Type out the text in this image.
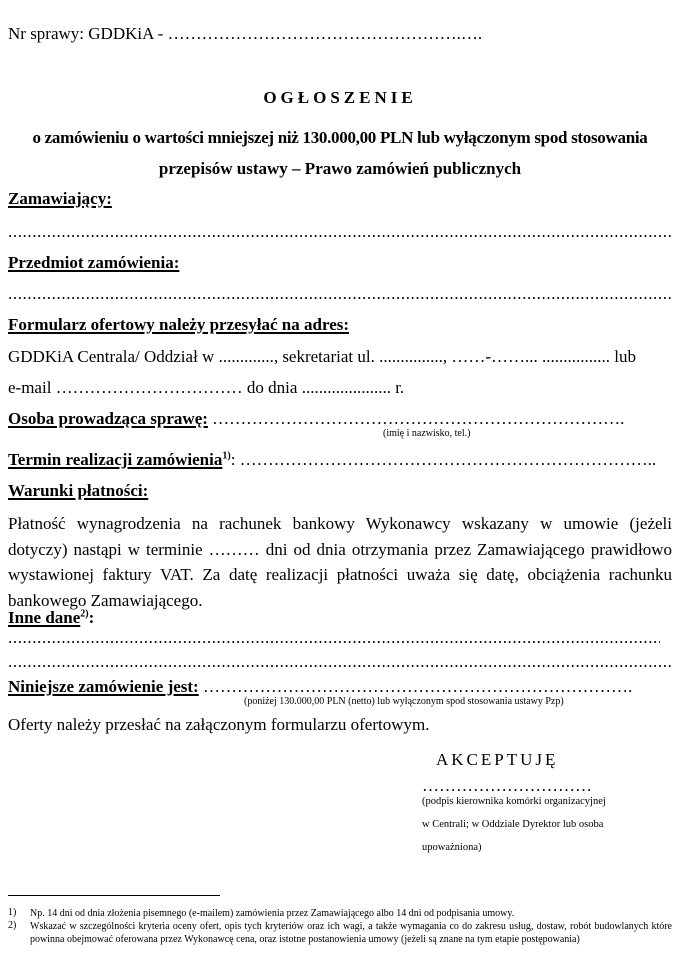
Nr sprawy: GDDKiA - …………………………………………….….
OGŁOSZENIE
o zamówieniu o wartości mniejszej niż 130.000,00 PLN lub wyłączonym spod stosowania
przepisów ustawy – Prawo zamówień publicznych
Zamawiający:
.....
Przedmiot zamówienia:
.....
Formularz ofertowy należy przesyłać na adres:
GDDKiA Centrala/ Oddział w ............., sekretariat ul. ..............., ……-……... ................ lub
e-mail …………………………… do dnia ..................... r.
Osoba prowadząca sprawę: ……………………………………………………………….
(imię i nazwisko, tel.)
Termin realizacji zamówienia$^{1)}$: ………………………………………………………………..
Warunki płatności:
Płatność wynagrodzenia na rachunek bankowy Wykonawcy wskazany w umowie (jeżeli dotyczy) nastąpi w terminie ……… dni od dnia otrzymania przez Zamawiającego prawidłowo wystawionej faktury VAT. Za datę realizacji płatności uważa się datę, obciążenia rachunku bankowego Zamawiającego.
Inne dane$^{2)}$:
.....
.....
Niniejsze zamówienie jest: ………………………………………………………………….
(poniżej 130.000,00 PLN (netto) lub wyłączonym spod stosowania ustawy Pzp)
Oferty należy przesłać na załączonym formularzu ofertowym.
AKCEPTUJĘ
…………………………
(podpis kierownika komórki organizacyjnej
w Centrali; w Oddziale Dyrektor lub osoba
upoważniona)
1) Np. 14 dni od dnia złożenia pisemnego (e-mailem) zamówienia przez Zamawiającego albo 14 dni od podpisania umowy.
2) Wskazać w szczególności kryteria oceny ofert, opis tych kryteriów oraz ich wagi, a także wymagania co do zakresu usług, dostaw, robót budowlanych które powinna obejmować oferowana przez Wykonawcę cena, oraz istotne postanowienia umowy (jeżeli są znane na tym etapie postępowania)
